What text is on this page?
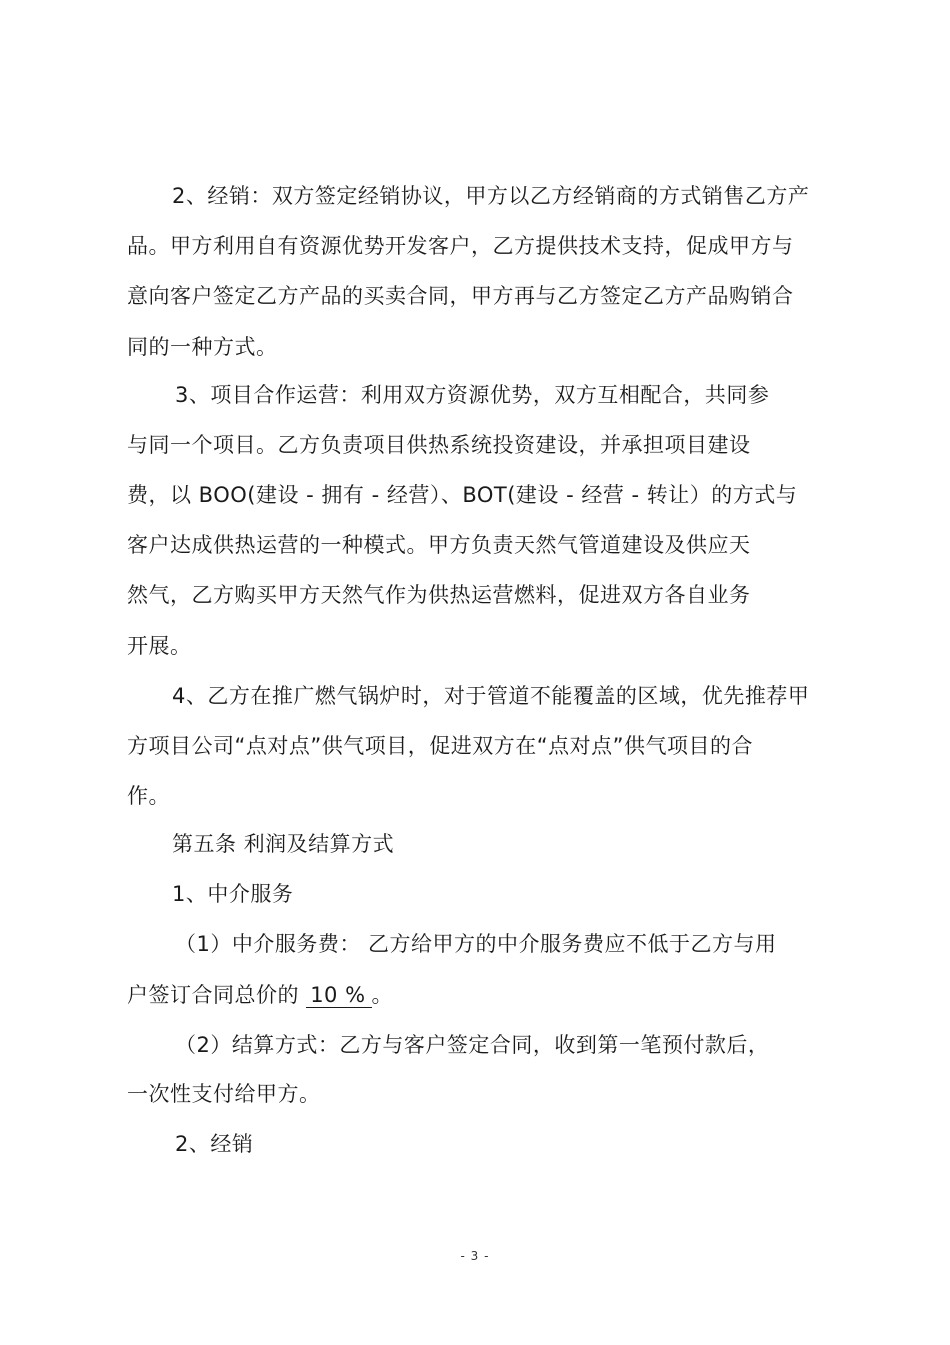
2、经销：双方签定经销协议，甲方以乙方经销商的方式销售乙方产

品。甲方利用自有资源优势开发客户，乙方提供技术支持，促成甲方与

意向客户签定乙方产品的买卖合同，甲方再与乙方签定乙方产品购销合

同的一种方式。

3、项目合作运营：利用双方资源优势，双方互相配合，共同参

与同一个项目。乙方负责项目供热系统投资建设，并承担项目建设

费，以 BOO(建设 - 拥有 - 经营）、BOT(建设 - 经营 - 转让）的方式与

客户达成供热运营的一种模式。甲方负责天然气管道建设及供应天

然气，乙方购买甲方天然气作为供热运营燃料，促进双方各自业务

开展。

4、乙方在推广燃气锅炉时，对于管道不能覆盖的区域，优先推荐甲

方项目公司“点对点”供气项目，促进双方在“点对点”供气项目的合

作。

第五条 利润及结算方式

1、中介服务

（1）中介服务费： 乙方给甲方的中介服务费应不低于乙方与用

户签订合同总价的 10 % 。

（2）结算方式：乙方与客户签定合同，收到第一笔预付款后，

一次性支付给甲方。

2、经销

- 3 -
